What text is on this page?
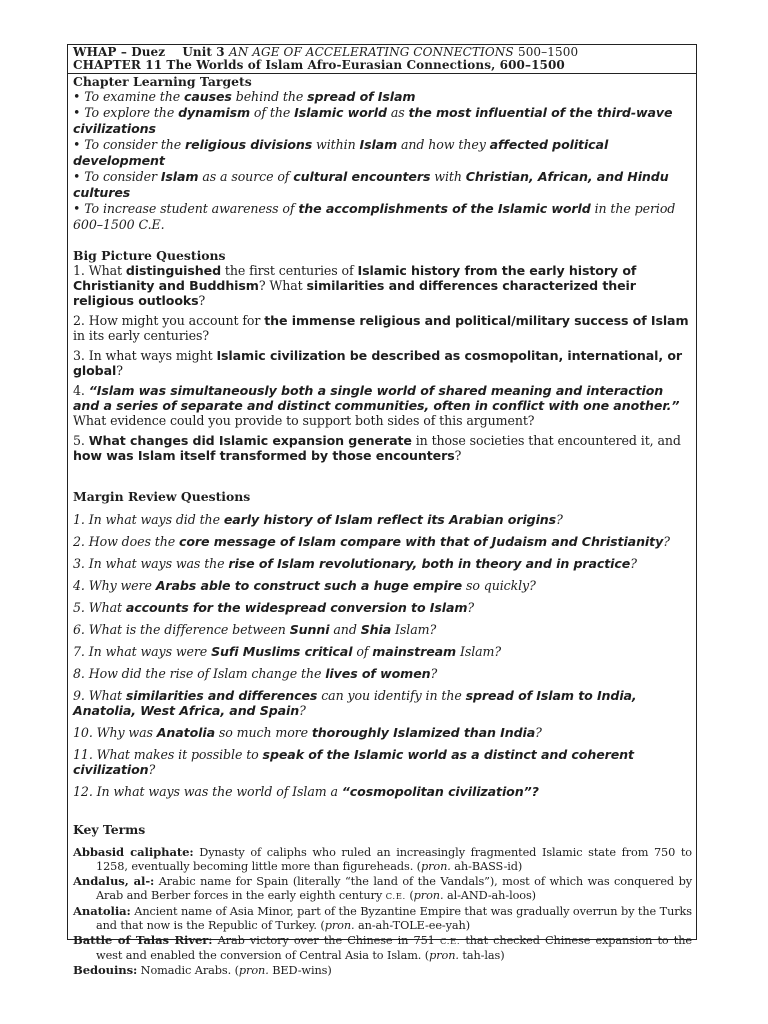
WHAP – Duez Unit 3 AN AGE OF ACCELERATING CONNECTIONS 500–1500
CHAPTER 11 The Worlds of Islam Afro-Eurasian Connections, 600–1500

Chapter Learning Targets

• To examine the causes behind the spread of Islam

• To explore the dynamism of the Islamic world as the most influential of the third-wave civilizations

• To consider the religious divisions within Islam and how they affected political development

• To consider Islam as a source of cultural encounters with Christian, African, and Hindu cultures

• To increase student awareness of the accomplishments of the Islamic world in the period 600–1500 C.E.

Big Picture Questions

1. What distinguished the first centuries of Islamic history from the early history of Christianity and Buddhism? What similarities and differences characterized their religious outlooks?

2. How might you account for the immense religious and political/military success of Islam in its early centuries?

3. In what ways might Islamic civilization be described as cosmopolitan, international, or global?

4. “Islam was simultaneously both a single world of shared meaning and interaction and a series of separate and distinct communities, often in conflict with one another.” What evidence could you provide to support both sides of this argument?

5. What changes did Islamic expansion generate in those societies that encountered it, and how was Islam itself transformed by those encounters?

Margin Review Questions

1. In what ways did the early history of Islam reflect its Arabian origins?

2. How does the core message of Islam compare with that of Judaism and Christianity?

3. In what ways was the rise of Islam revolutionary, both in theory and in practice?

4. Why were Arabs able to construct such a huge empire so quickly?

5. What accounts for the widespread conversion to Islam?

6. What is the difference between Sunni and Shia Islam?

7. In what ways were Sufi Muslims critical of mainstream Islam?

8. How did the rise of Islam change the lives of women?

9. What similarities and differences can you identify in the spread of Islam to India, Anatolia, West Africa, and Spain?

10. Why was Anatolia so much more thoroughly Islamized than India?

11. What makes it possible to speak of the Islamic world as a distinct and coherent civilization?

12. In what ways was the world of Islam a “cosmopolitan civilization”?

Key Terms

Abbasid caliphate: Dynasty of caliphs who ruled an increasingly fragmented Islamic state from 750 to 1258, eventually becoming little more than figureheads. (pron. ah-BASS-id)

Andalus, al-: Arabic name for Spain (literally “the land of the Vandals”), most of which was conquered by Arab and Berber forces in the early eighth century C.E. (pron. al-AND-ah-loos)

Anatolia: Ancient name of Asia Minor, part of the Byzantine Empire that was gradually overrun by the Turks and that now is the Republic of Turkey. (pron. an-ah-TOLE-ee-yah)

Battle of Talas River: Arab victory over the Chinese in 751 C.E. that checked Chinese expansion to the west and enabled the conversion of Central Asia to Islam. (pron. tah-las)

Bedouins: Nomadic Arabs. (pron. BED-wins)
